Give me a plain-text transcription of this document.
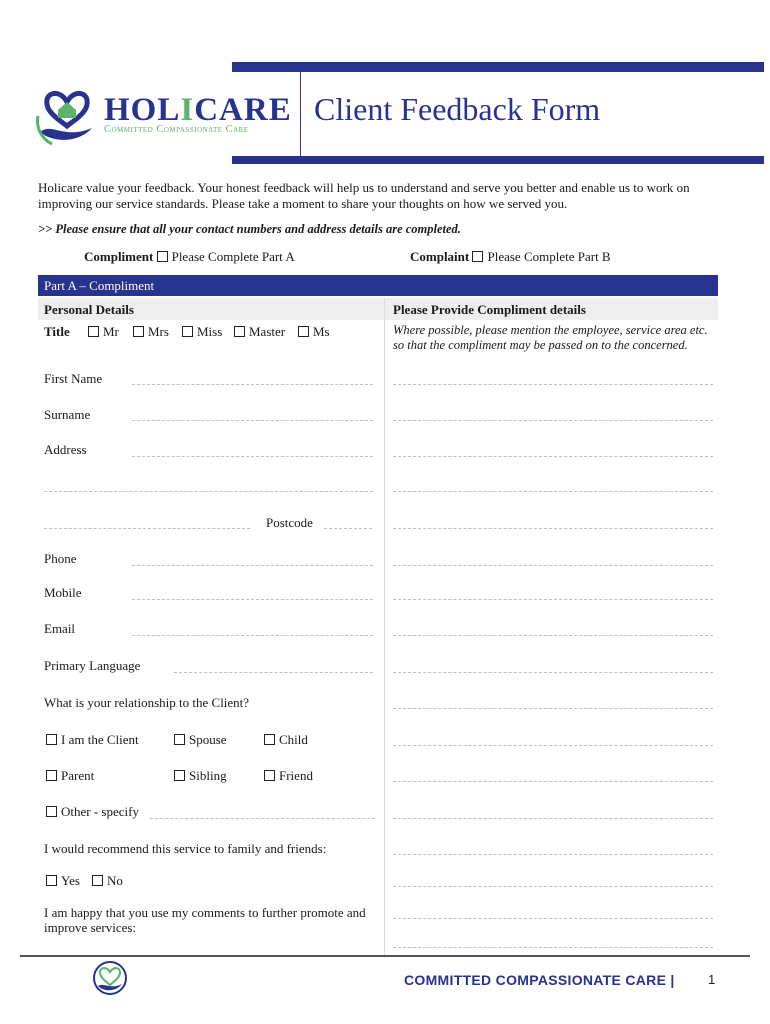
HOLICARE
Committed Compassionate Care
Client Feedback Form
Holicare value your feedback. Your honest feedback will help us to understand and serve you better and enable us to work on improving our service standards. Please take a moment to share your thoughts on how we served you.
>> Please ensure that all your contact numbers and address details are completed.
Compliment Please Complete Part A	Complaint Please Complete Part B
Part A – Compliment
Personal Details	Please Provide Compliment details
Title	Mr	Mrs	Miss	Master	Ms	Where possible, please mention the employee, service area etc. so that the compliment may be passed on to the concerned.
First Name
Surname
Address
Postcode
Phone
Mobile
Email
Primary Language
What is your relationship to the Client?
I am the Client	Spouse	Child
Parent	Sibling	Friend
Other - specify
I would recommend this service to family and friends:
Yes	No
I am happy that you use my comments to further promote and improve services:
COMMITTED COMPASSIONATE CARE |	1
